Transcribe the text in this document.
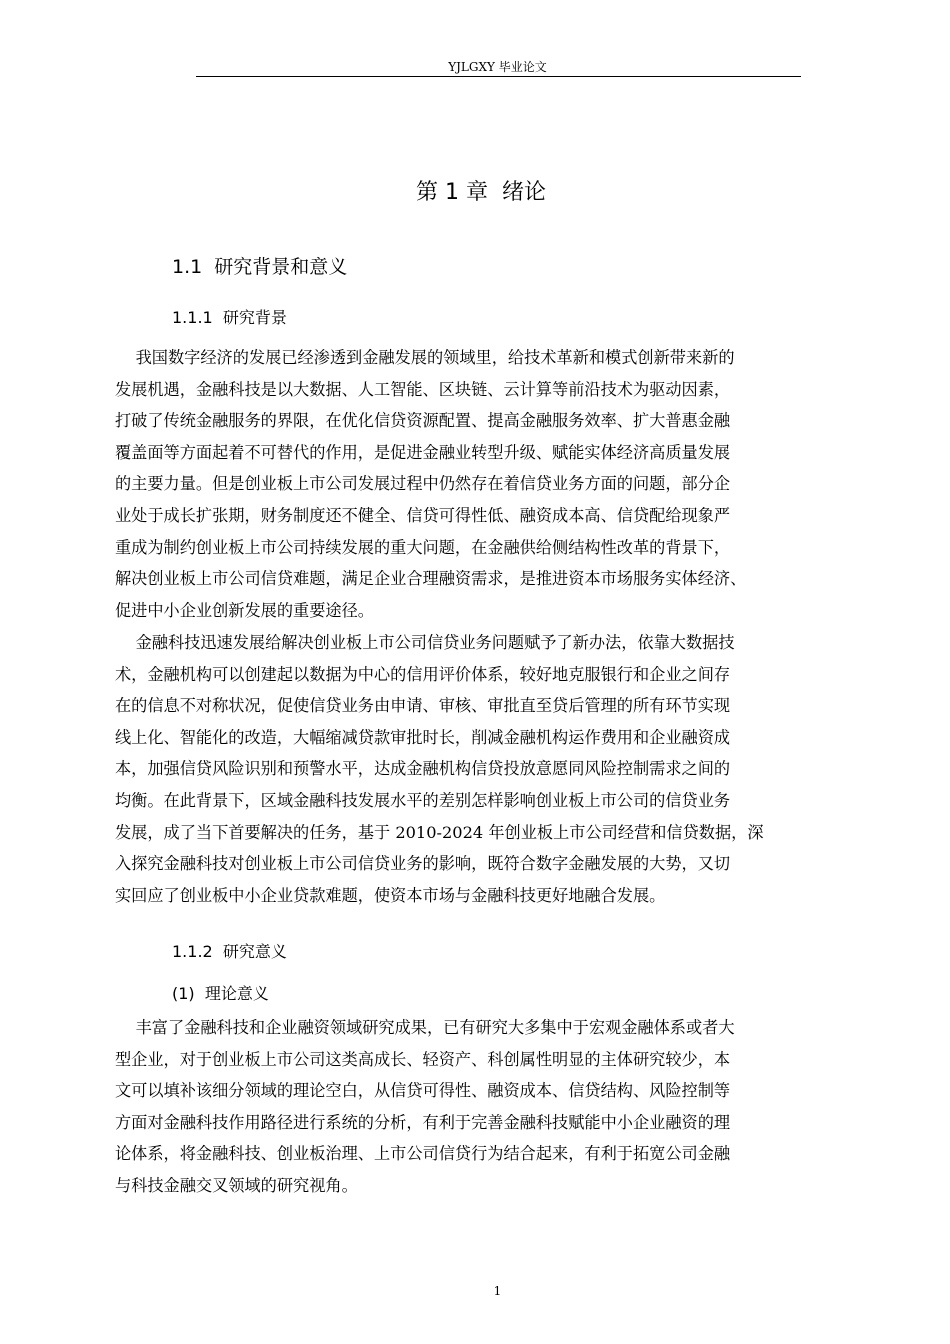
YJLGXY 毕业论文
第 1 章  绪论
1.1  研究背景和意义
1.1.1  研究背景
我国数字经济的发展已经渗透到金融发展的领域里，给技术革新和模式创新带来新的
发展机遇，金融科技是以大数据、人工智能、区块链、云计算等前沿技术为驱动因素，
打破了传统金融服务的界限，在优化信贷资源配置、提高金融服务效率、扩大普惠金融
覆盖面等方面起着不可替代的作用，是促进金融业转型升级、赋能实体经济高质量发展
的主要力量。但是创业板上市公司发展过程中仍然存在着信贷业务方面的问题，部分企
业处于成长扩张期，财务制度还不健全、信贷可得性低、融资成本高、信贷配给现象严
重成为制约创业板上市公司持续发展的重大问题，在金融供给侧结构性改革的背景下，
解决创业板上市公司信贷难题，满足企业合理融资需求，是推进资本市场服务实体经济、
促进中小企业创新发展的重要途径。
金融科技迅速发展给解决创业板上市公司信贷业务问题赋予了新办法，依靠大数据技
术，金融机构可以创建起以数据为中心的信用评价体系，较好地克服银行和企业之间存
在的信息不对称状况，促使信贷业务由申请、审核、审批直至贷后管理的所有环节实现
线上化、智能化的改造，大幅缩减贷款审批时长，削减金融机构运作费用和企业融资成
本，加强信贷风险识别和预警水平，达成金融机构信贷投放意愿同风险控制需求之间的
均衡。在此背景下，区域金融科技发展水平的差别怎样影响创业板上市公司的信贷业务
发展，成了当下首要解决的任务，基于 2010-2024 年创业板上市公司经营和信贷数据，深
入探究金融科技对创业板上市公司信贷业务的影响，既符合数字金融发展的大势，又切
实回应了创业板中小企业贷款难题，使资本市场与金融科技更好地融合发展。
1.1.2  研究意义
(1)  理论意义
丰富了金融科技和企业融资领域研究成果，已有研究大多集中于宏观金融体系或者大
型企业，对于创业板上市公司这类高成长、轻资产、科创属性明显的主体研究较少，本
文可以填补该细分领域的理论空白，从信贷可得性、融资成本、信贷结构、风险控制等
方面对金融科技作用路径进行系统的分析，有利于完善金融科技赋能中小企业融资的理
论体系，将金融科技、创业板治理、上市公司信贷行为结合起来，有利于拓宽公司金融
与科技金融交叉领域的研究视角。
1
